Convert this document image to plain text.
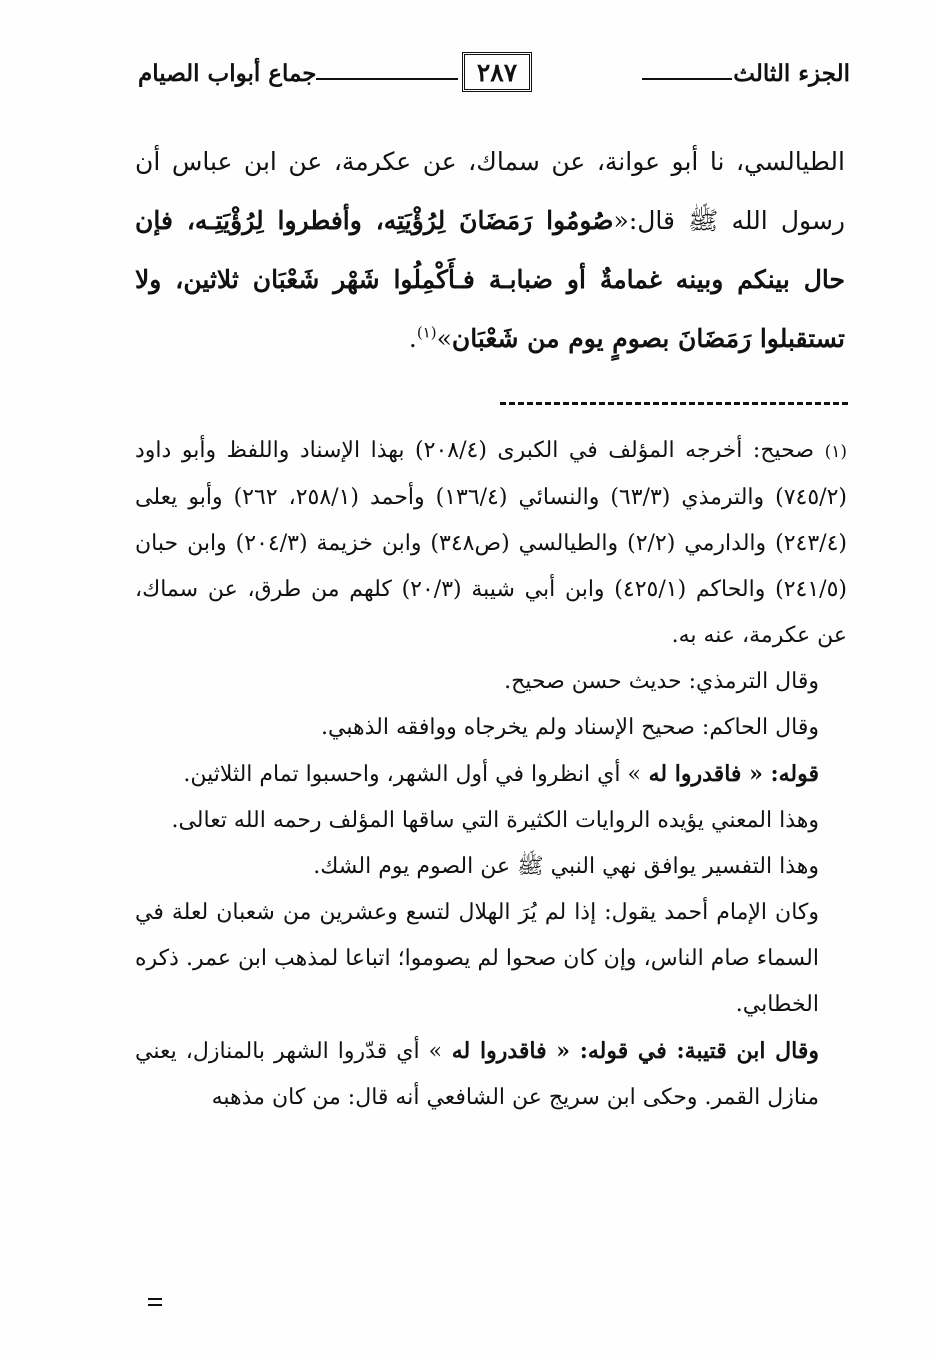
الجزء الثالث
٢٨٧
جماع أبواب الصيام

الطيالسي، نا أبو عوانة، عن سماك، عن عكرمة، عن ابن عباس أن رسول الله ﷺ قال:«صُومُوا رَمَضَانَ لِرُؤْيَتِه، وأفطروا لِرُؤْيَتِـه، فإن حال بينكم وبينه غمامةٌ أو ضبابـة فـأَكْمِلُوا شَهْر شَعْبَان ثلاثين، ولا تستقبلوا رَمَضَانَ بصومٍ يوم من شَعْبَان»$^{(١)}$.

(١) صحيح: أخرجه المؤلف في الكبرى (٢٠٨/٤) بهذا الإسناد واللفظ وأبو داود (٧٤٥/٢) والترمذي (٦٣/٣) والنسائي (١٣٦/٤) وأحمد (٢٥٨/١، ٢٦٢) وأبو يعلى (٢٤٣/٤) والدارمي (٢/٢) والطيالسي (ص٣٤٨) وابن خزيمة (٢٠٤/٣) وابن حبان (٢٤١/٥) والحاكم (٤٢٥/١) وابن أبي شيبة (٢٠/٣) كلهم من طرق، عن سماك، عن عكرمة، عنه به.

وقال الترمذي: حديث حسن صحيح.

وقال الحاكم: صحيح الإسناد ولم يخرجاه ووافقه الذهبي.

قوله: « فاقدروا له » أي انظروا في أول الشهر، واحسبوا تمام الثلاثين.

وهذا المعني يؤيده الروايات الكثيرة التي ساقها المؤلف رحمه الله تعالى.

وهذا التفسير يوافق نهي النبي ﷺ عن الصوم يوم الشك.

وكان الإمام أحمد يقول: إذا لم يُرَ الهلال لتسع وعشرين من شعبان لعلة في السماء صام الناس، وإن كان صحوا لم يصوموا؛ اتباعا لمذهب ابن عمر. ذكره الخطابي.

وقال ابن قتيبة: في قوله: « فاقدروا له » أي قدّروا الشهر بالمنازل، يعني منازل القمر. وحكى ابن سريج عن الشافعي أنه قال: من كان مذهبه
